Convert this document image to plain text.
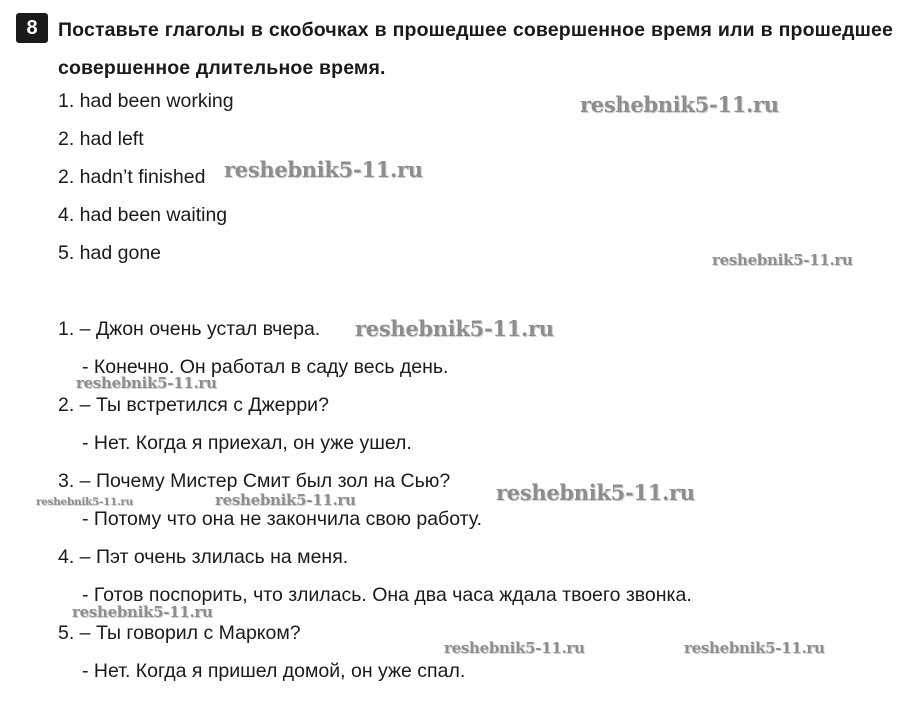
8	Поставьте глаголы в скобочках в прошедшее совершенное время или в прошедшее совершенное длительное время.
1. had been working
2. had left
2. hadn’t finished
4. had been waiting
5. had gone
1. – Джон очень устал вчера.
- Конечно. Он работал в саду весь день.
2. – Ты встретился с Джерри?
- Нет. Когда я приехал, он уже ушел.
3. – Почему Мистер Смит был зол на Сью?
- Потому что она не закончила свою работу.
4. – Пэт очень злилась на меня.
- Готов поспорить, что злилась. Она два часа ждала твоего звонка.
5. – Ты говорил с Марком?
- Нет. Когда я пришел домой, он уже спал.
reshebnik5-11.ru
reshebnik5-11.ru
reshebnik5-11.ru
reshebnik5-11.ru
reshebnik5-11.ru
reshebnik5-11.ru	reshebnik5-11.ru	reshebnik5-11.ru
reshebnik5-11.ru
reshebnik5-11.ru	reshebnik5-11.ru
